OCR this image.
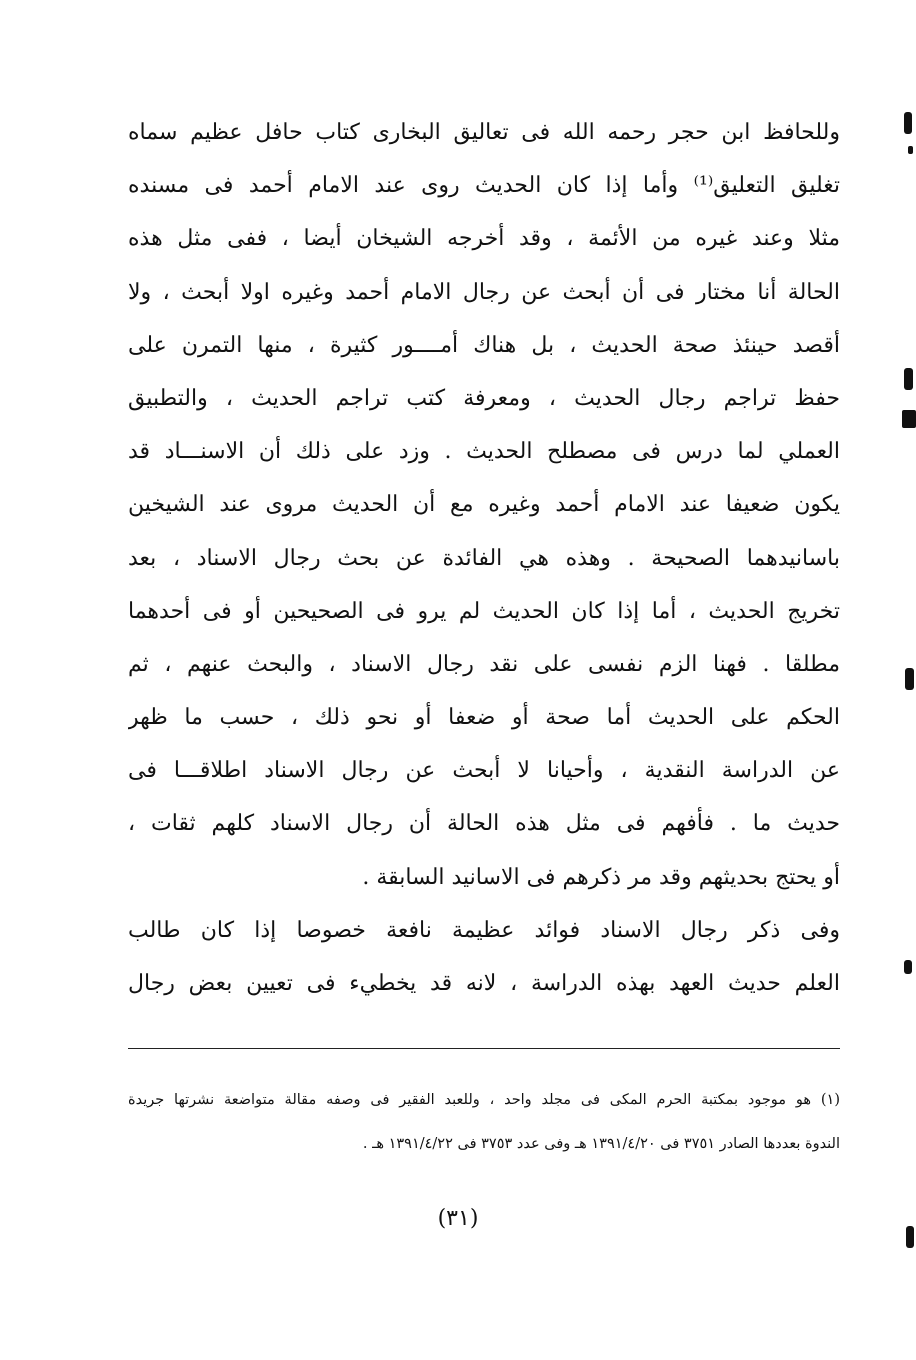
وللحافظ ابن حجر رحمه الله فى تعاليق البخارى كتاب حافل عظيم سماه
تغليق التعليق⁽¹⁾ وأما إذا كان الحديث روى عند الامام أحمد فى مسنده
مثلا وعند غيره من الأئمة ، وقد أخرجه الشيخان أيضا ، ففى مثل هذه
الحالة أنا مختار فى أن أبحث عن رجال الامام أحمد وغيره اولا أبحث ، ولا
أقصد حينئذ صحة الحديث ، بل هناك أمــــور كثيرة ، منها التمرن على
حفظ تراجم رجال الحديث ، ومعرفة كتب تراجم الحديث ، والتطبيق
العملي لما درس فى مصطلح الحديث . وزد على ذلك أن الاسنـــاد قد
يكون ضعيفا عند الامام أحمد وغيره مع أن الحديث مروى عند الشيخين
باسانيدهما الصحيحة . وهذه هي الفائدة عن بحث رجال الاسناد ، بعد
تخريج الحديث ، أما إذا كان الحديث لم يرو فى الصحيحين أو فى أحدهما
مطلقا . فهنا الزم نفسى على نقد رجال الاسناد ، والبحث عنهم ، ثم
الحكم على الحديث أما صحة أو ضعفا أو نحو ذلك ، حسب ما ظهر
عن الدراسة النقدية ، وأحيانا لا أبحث عن رجال الاسناد اطلاقـــا فى
حديث ما . فأفهم فى مثل هذه الحالة أن رجال الاسناد كلهم ثقات ،
أو يحتج بحديثهم وقد مر ذكرهم فى الاسانيد السابقة .
وفى ذكر رجال الاسناد فوائد عظيمة نافعة خصوصا إذا كان طالب
العلم حديث العهد بهذه الدراسة ، لانه قد يخطيء فى تعيين بعض رجال
(١) هو موجود بمكتبة الحرم المكى فى مجلد واحد ، وللعبد الفقير فى وصفه مقالة متواضعة نشرتها جريدة
الندوة بعددها الصادر ٣٧٥١ فى ١٣٩١/٤/٢٠ هـ وفى عدد ٣٧٥٣ فى ١٣٩١/٤/٢٢ هـ .
(٣١)
